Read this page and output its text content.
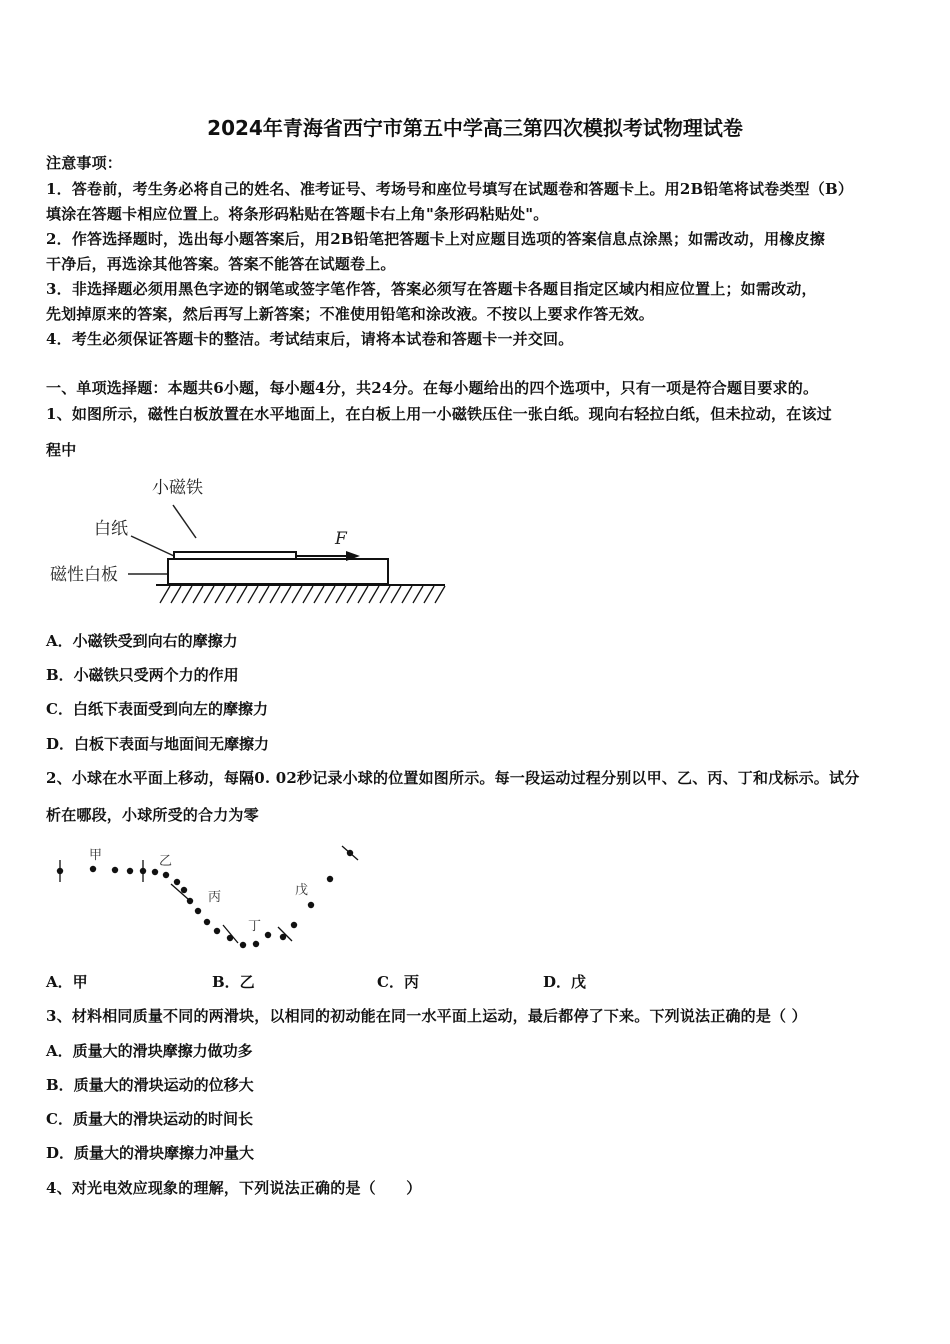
2024年青海省西宁市第五中学高三第四次模拟考试物理试卷
注意事项：
1．答卷前，考生务必将自己的姓名、准考证号、考场号和座位号填写在试题卷和答题卡上。用2B铅笔将试卷类型（B）
填涂在答题卡相应位置上。将条形码粘贴在答题卡右上角"条形码粘贴处"。
2．作答选择题时，选出每小题答案后，用2B铅笔把答题卡上对应题目选项的答案信息点涂黑；如需改动，用橡皮擦
干净后，再选涂其他答案。答案不能答在试题卷上。
3．非选择题必须用黑色字迹的钢笔或签字笔作答，答案必须写在答题卡各题目指定区域内相应位置上；如需改动，
先划掉原来的答案，然后再写上新答案；不准使用铅笔和涂改液。不按以上要求作答无效。
4．考生必须保证答题卡的整洁。考试结束后，请将本试卷和答题卡一并交回。
一、单项选择题：本题共6小题，每小题4分，共24分。在每小题给出的四个选项中，只有一项是符合题目要求的。
1、如图所示，磁性白板放置在水平地面上，在白板上用一小磁铁压住一张白纸。现向右轻拉白纸，但未拉动，在该过
程中
小磁铁
白纸
磁性白板
F
A．小磁铁受到向右的摩擦力
B．小磁铁只受两个力的作用
C．白纸下表面受到向左的摩擦力
D．白板下表面与地面间无摩擦力
2、小球在水平面上移动，每隔0. 02秒记录小球的位置如图所示。每一段运动过程分别以甲、乙、丙、丁和戊标示。试分
析在哪段，小球所受的合力为零
甲	乙
丙
丁
戊
A．甲	B．乙	C．丙	D．戊
3、材料相同质量不同的两滑块，以相同的初动能在同一水平面上运动，最后都停了下来。下列说法正确的是（ ）
A．质量大的滑块摩擦力做功多
B．质量大的滑块运动的位移大
C．质量大的滑块运动的时间长
D．质量大的滑块摩擦力冲量大
4、对光电效应现象的理解，下列说法正确的是（　　）
